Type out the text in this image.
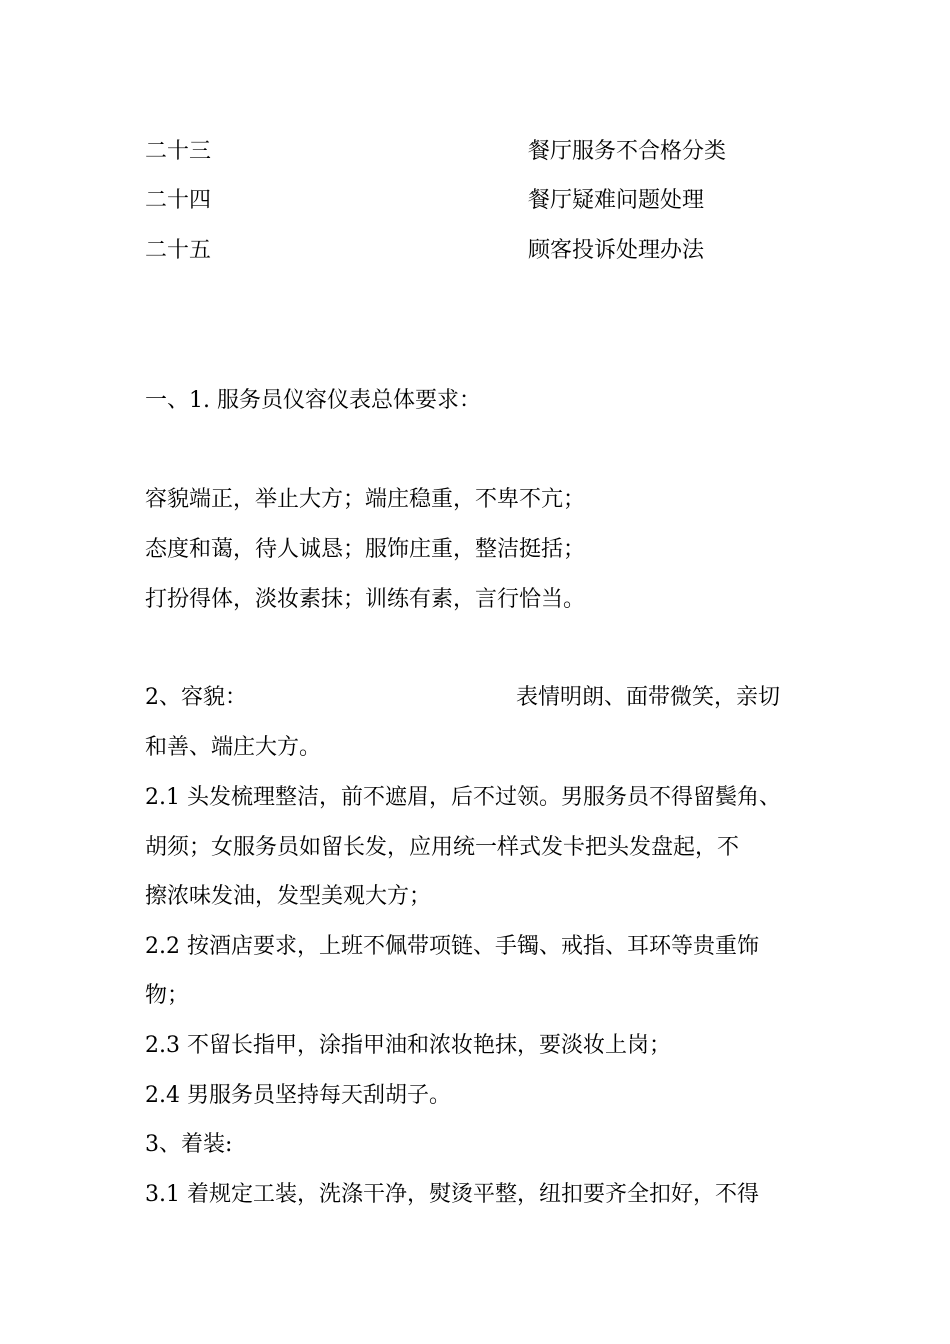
二十三	餐厅服务不合格分类
二十四	餐厅疑难问题处理
二十五	顾客投诉处理办法
一、1. 服务员仪容仪表总体要求：
容貌端正，举止大方；端庄稳重，不卑不亢；
态度和蔼，待人诚恳；服饰庄重，整洁挺括；
打扮得体，淡妆素抹；训练有素，言行恰当。
2、容貌：	表情明朗、面带微笑，亲切
和善、端庄大方。
2.1 头发梳理整洁，前不遮眉，后不过领。男服务员不得留鬓角、
胡须；女服务员如留长发，应用统一样式发卡把头发盘起，不
擦浓味发油，发型美观大方；
2.2 按酒店要求，上班不佩带项链、手镯、戒指、耳环等贵重饰
物；
2.3 不留长指甲，涂指甲油和浓妆艳抹，要淡妆上岗；
2.4 男服务员坚持每天刮胡子。
3、着装:
3.1 着规定工装，洗涤干净，熨烫平整，纽扣要齐全扣好，不得
